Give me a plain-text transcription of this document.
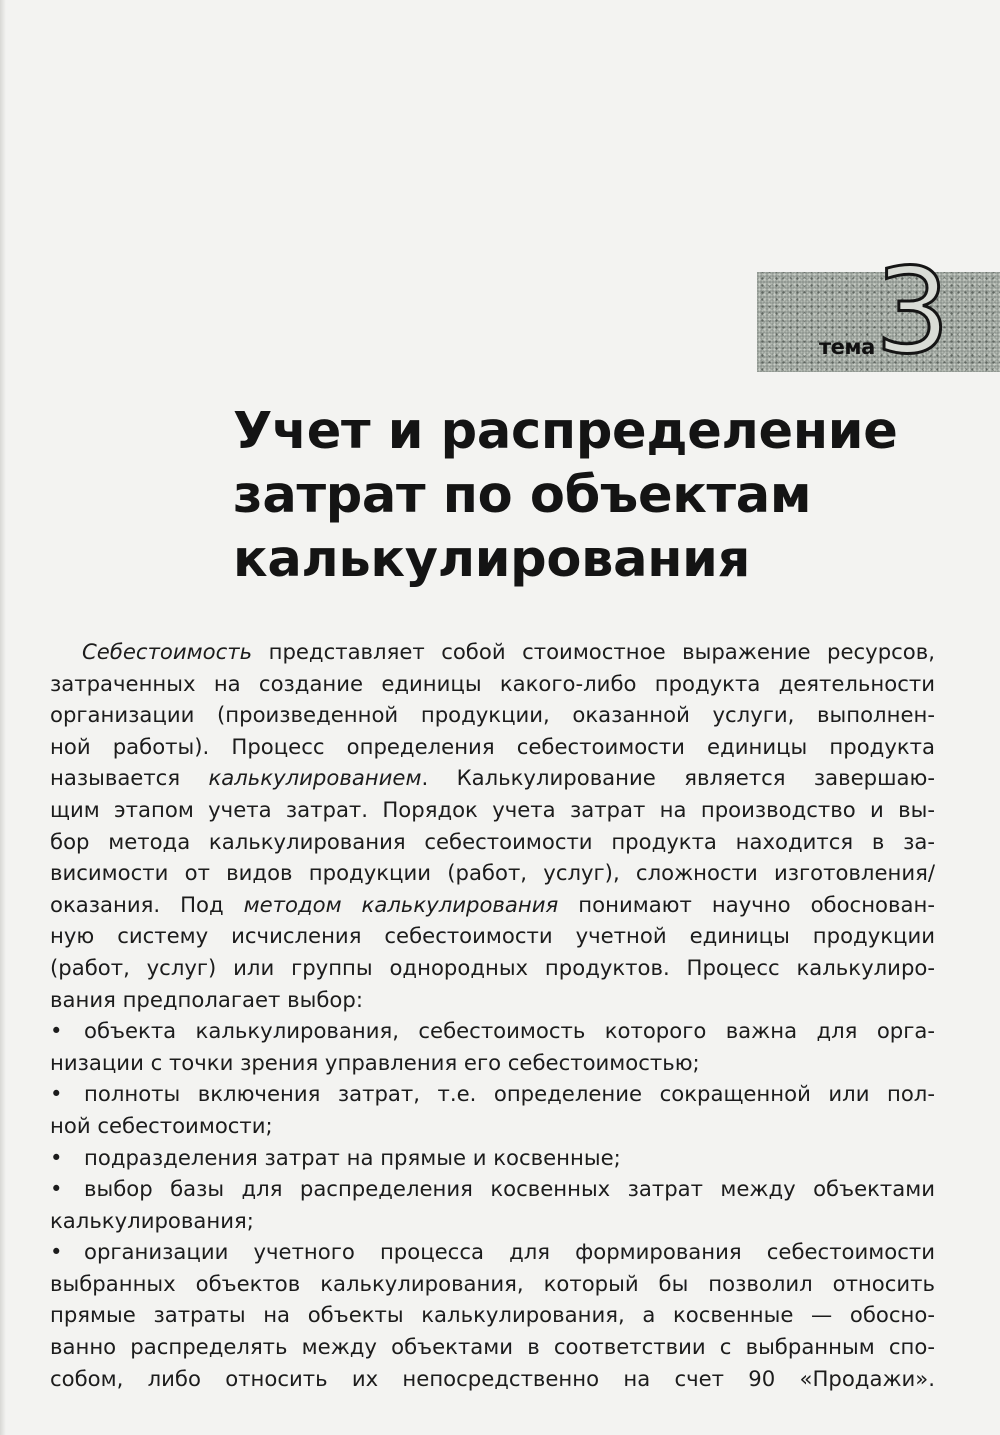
тема 3
Учет и распределение
затрат по объектам
калькулирования
Себестоимость представляет собой стоимостное выражение ресурсов,
затраченных на создание единицы какого-либо продукта деятельности
организации (произведенной продукции, оказанной услуги, выполнен-
ной работы). Процесс определения себестоимости единицы продукта
называется калькулированием. Калькулирование является завершаю-
щим этапом учета затрат. Порядок учета затрат на производство и вы-
бор метода калькулирования себестоимости продукта находится в за-
висимости от видов продукции (работ, услуг), сложности изготовления/
оказания. Под методом калькулирования понимают научно обоснован-
ную систему исчисления себестоимости учетной единицы продукции
(работ, услуг) или группы однородных продуктов. Процесс калькулиро-
вания предполагает выбор:
• объекта калькулирования, себестоимость которого важна для орга-
низации с точки зрения управления его себестоимостью;
• полноты включения затрат, т.е. определение сокращенной или пол-
ной себестоимости;
• подразделения затрат на прямые и косвенные;
• выбор базы для распределения косвенных затрат между объектами
калькулирования;
• организации учетного процесса для формирования себестоимости
выбранных объектов калькулирования, который бы позволил относить
прямые затраты на объекты калькулирования, а косвенные — обосно-
ванно распределять между объектами в соответствии с выбранным спо-
собом, либо относить их непосредственно на счет 90 «Продажи».
